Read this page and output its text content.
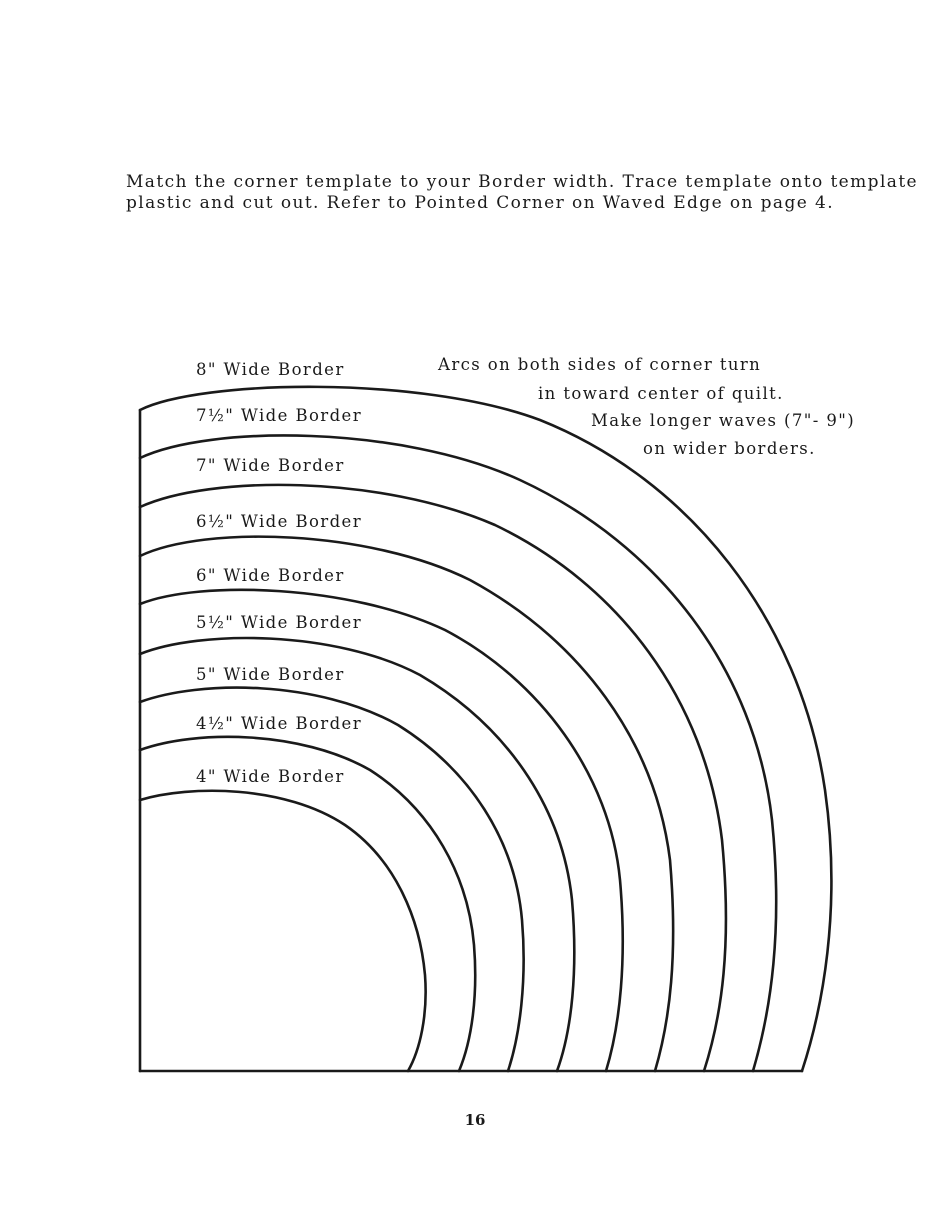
Match the corner template to your Border width. Trace template onto template
plastic and cut out. Refer to Pointed Corner on Waved Edge on page 4.

8" Wide Border
7½" Wide Border
7" Wide Border
6½" Wide Border
6" Wide Border
5½" Wide Border
5" Wide Border
4½" Wide Border
4" Wide Border
Arcs on both sides of corner turn
in toward center of quilt.
Make longer waves (7"- 9")
on wider borders.

16
